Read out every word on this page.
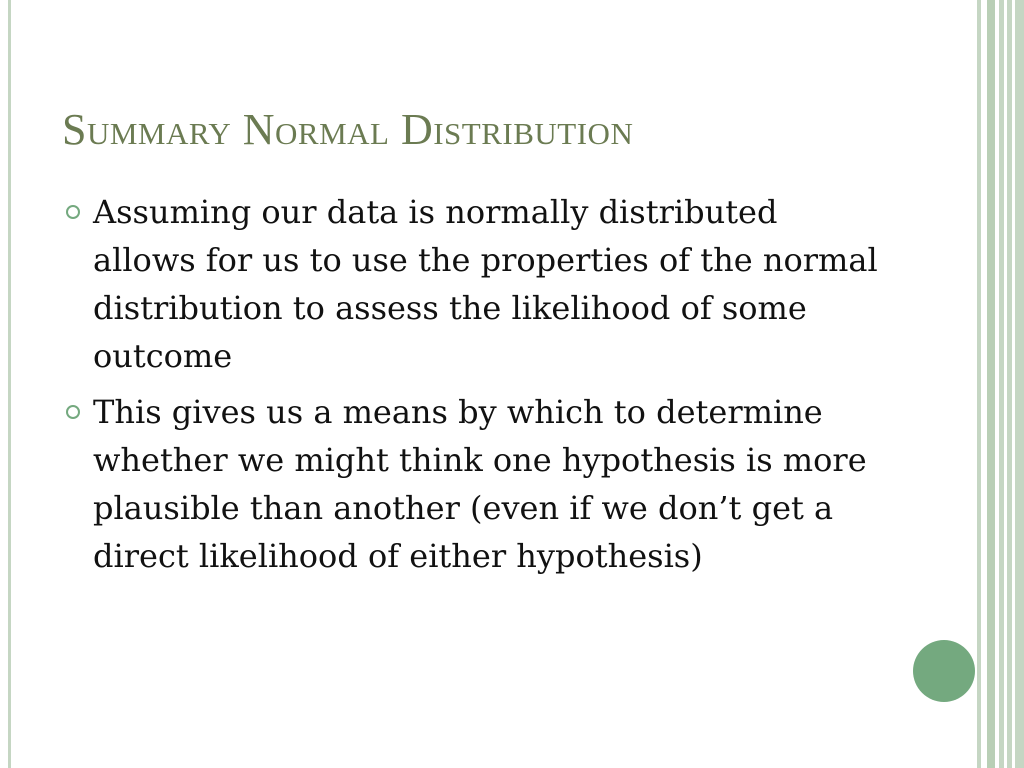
Summary Normal Distribution
Assuming our data is normally distributed allows for us to use the properties of the normal distribution to assess the likelihood of some outcome
This gives us a means by which to determine whether we might think one hypothesis is more plausible than another (even if we don’t get a direct likelihood of either hypothesis)
